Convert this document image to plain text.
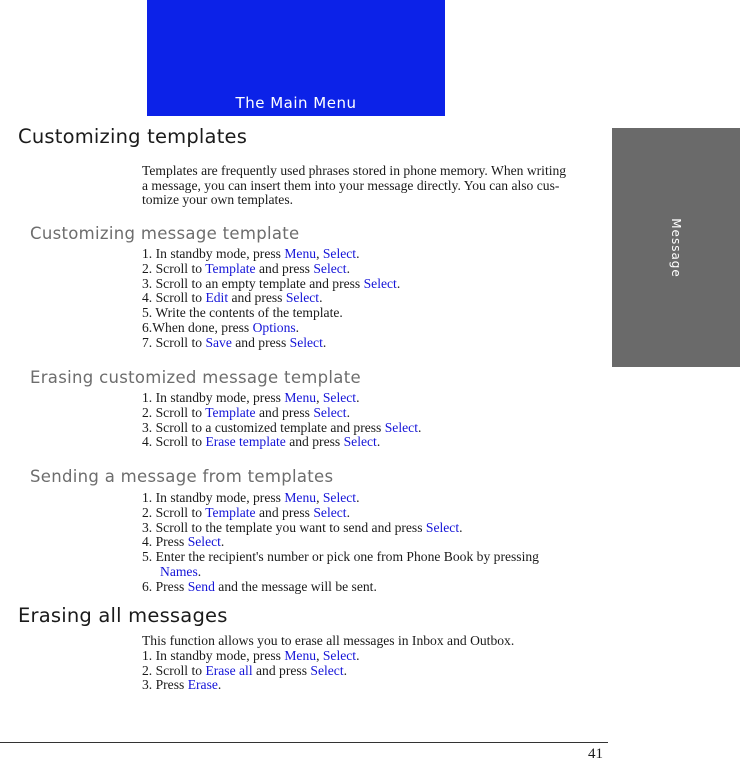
The Main Menu
Message
Customizing templates

Templates are frequently used phrases stored in phone memory. When writing
a message, you can insert them into your message directly. You can also cus-
tomize your own templates.

Customizing message template
1. In standby mode, press Menu, Select.
2. Scroll to Template and press Select.
3. Scroll to an empty template and press Select.
4. Scroll to Edit and press Select.
5. Write the contents of the template.
6.When done, press Options.
7. Scroll to Save and press Select.
Erasing customized message template
1. In standby mode, press Menu, Select.
2. Scroll to Template and press Select.
3. Scroll to a customized template and press Select.
4. Scroll to Erase template and press Select.
Sending a message from templates
1. In standby mode, press Menu, Select.
2. Scroll to Template and press Select.
3. Scroll to the template you want to send and press Select.
4. Press Select.
5. Enter the recipient's number or pick one from Phone Book by pressing
Names.
6. Press Send and the message will be sent.
Erasing all messages
This function allows you to erase all messages in Inbox and Outbox.
1. In standby mode, press Menu, Select.
2. Scroll to Erase all and press Select.
3. Press Erase.
41
